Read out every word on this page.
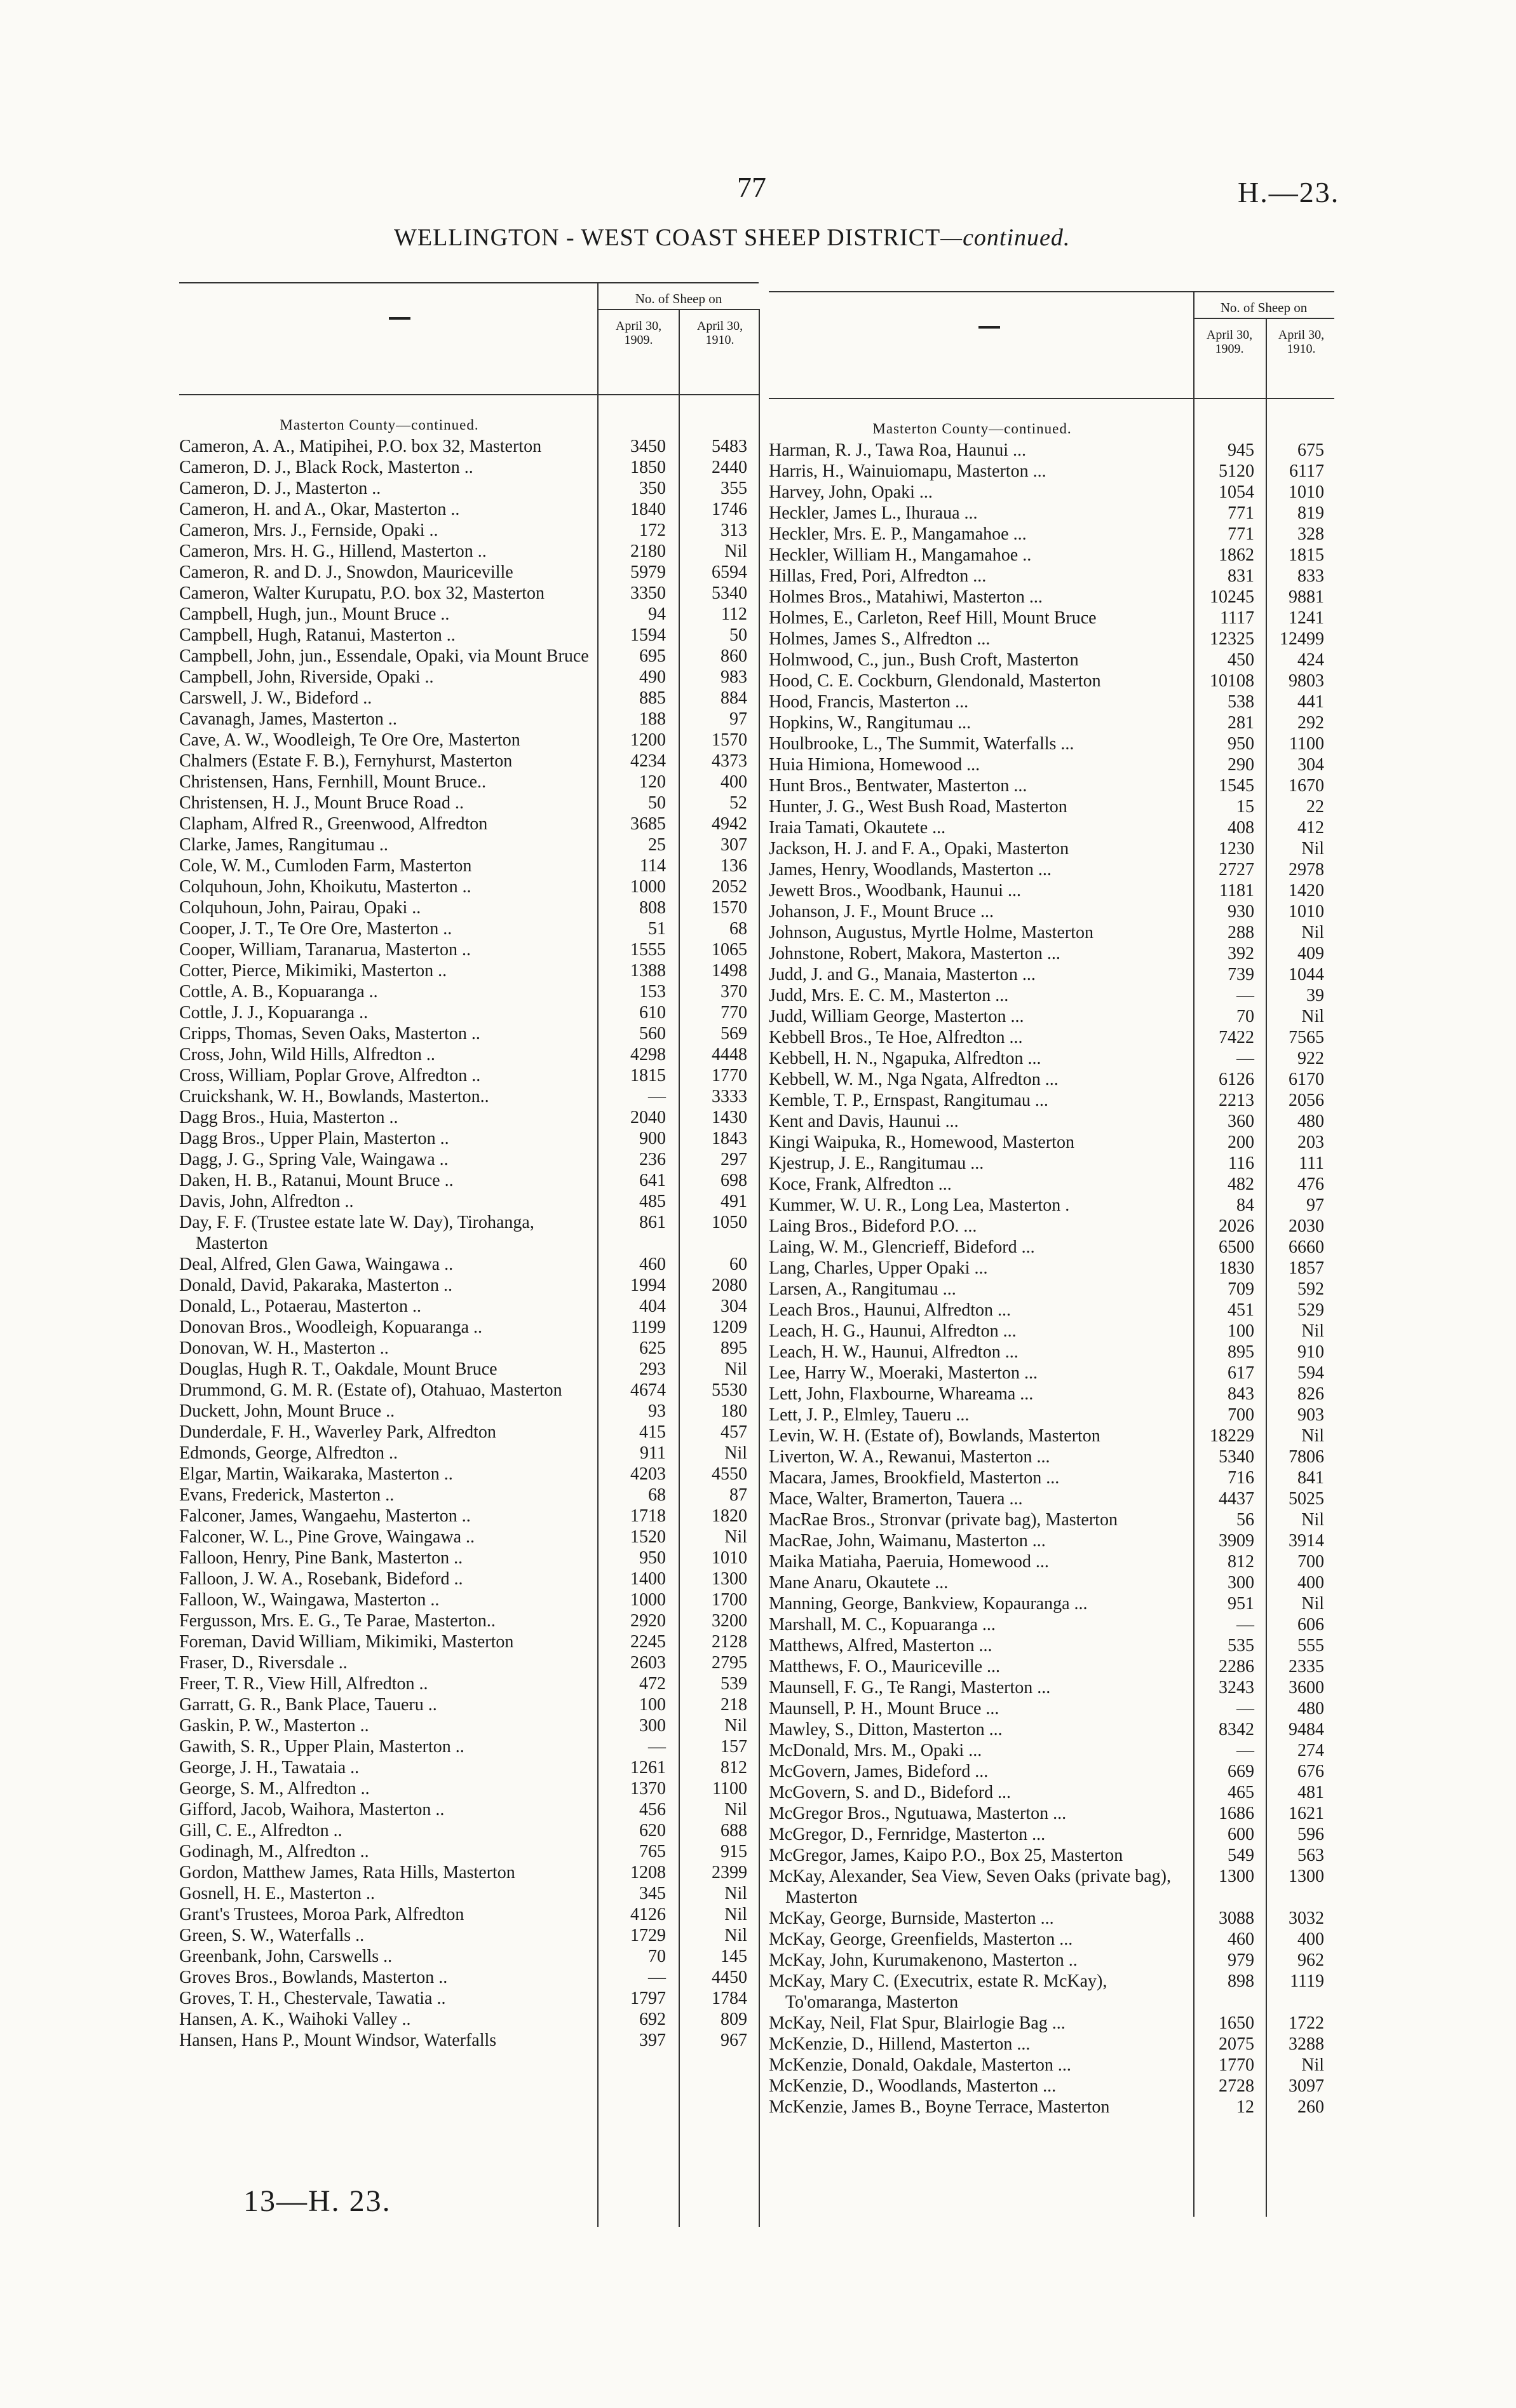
77	H.—23.
WELLINGTON - WEST COAST SHEEP DISTRICT—continued.
No. of Sheep on
April 30, 1909.
April 30, 1910.
Masterton County—continued.
Cameron, A. A., Matipihei, P.O. box 32, Masterton	3450	5483
Cameron, D. J., Black Rock, Masterton ..	1850	2440
Cameron, D. J., Masterton ..	350	355
Cameron, H. and A., Okar, Masterton ..	1840	1746
Cameron, Mrs. J., Fernside, Opaki ..	172	313
Cameron, Mrs. H. G., Hillend, Masterton ..	2180	Nil
Cameron, R. and D. J., Snowdon, Mauriceville	5979	6594
Cameron, Walter Kurupatu, P.O. box 32, Masterton	3350	5340
Campbell, Hugh, jun., Mount Bruce ..	94	112
Campbell, Hugh, Ratanui, Masterton ..	1594	50
Campbell, John, jun., Essendale, Opaki, via Mount Bruce	695	860
Campbell, John, Riverside, Opaki ..	490	983
Carswell, J. W., Bideford ..	885	884
Cavanagh, James, Masterton ..	188	97
Cave, A. W., Woodleigh, Te Ore Ore, Masterton	1200	1570
Chalmers (Estate F. B.), Fernyhurst, Masterton	4234	4373
Christensen, Hans, Fernhill, Mount Bruce..	120	400
Christensen, H. J., Mount Bruce Road ..	50	52
Clapham, Alfred R., Greenwood, Alfredton	3685	4942
Clarke, James, Rangitumau ..	25	307
Cole, W. M., Cumloden Farm, Masterton	114	136
Colquhoun, John, Khoikutu, Masterton ..	1000	2052
Colquhoun, John, Pairau, Opaki ..	808	1570
Cooper, J. T., Te Ore Ore, Masterton ..	51	68
Cooper, William, Taranarua, Masterton ..	1555	1065
Cotter, Pierce, Mikimiki, Masterton ..	1388	1498
Cottle, A. B., Kopuaranga ..	153	370
Cottle, J. J., Kopuaranga ..	610	770
Cripps, Thomas, Seven Oaks, Masterton ..	560	569
Cross, John, Wild Hills, Alfredton ..	4298	4448
Cross, William, Poplar Grove, Alfredton ..	1815	1770
Cruickshank, W. H., Bowlands, Masterton..	—	3333
Dagg Bros., Huia, Masterton ..	2040	1430
Dagg Bros., Upper Plain, Masterton ..	900	1843
Dagg, J. G., Spring Vale, Waingawa ..	236	297
Daken, H. B., Ratanui, Mount Bruce ..	641	698
Davis, John, Alfredton ..	485	491
Day, F. F. (Trustee estate late W. Day), Tirohanga, Masterton
861	1050
Deal, Alfred, Glen Gawa, Waingawa ..	460	60
Donald, David, Pakaraka, Masterton ..	1994	2080
Donald, L., Potaerau, Masterton ..	404	304
Donovan Bros., Woodleigh, Kopuaranga ..	1199	1209
Donovan, W. H., Masterton ..	625	895
Douglas, Hugh R. T., Oakdale, Mount Bruce	293	Nil
Drummond, G. M. R. (Estate of), Otahuao, Masterton	4674	5530
Duckett, John, Mount Bruce ..	93	180
Dunderdale, F. H., Waverley Park, Alfredton	415	457
Edmonds, George, Alfredton ..	911	Nil
Elgar, Martin, Waikaraka, Masterton ..	4203	4550
Evans, Frederick, Masterton ..	68	87
Falconer, James, Wangaehu, Masterton ..	1718	1820
Falconer, W. L., Pine Grove, Waingawa ..	1520	Nil
Falloon, Henry, Pine Bank, Masterton ..	950	1010
Falloon, J. W. A., Rosebank, Bideford ..	1400	1300
Falloon, W., Waingawa, Masterton ..	1000	1700
Fergusson, Mrs. E. G., Te Parae, Masterton..	2920	3200
Foreman, David William, Mikimiki, Masterton	2245	2128
Fraser, D., Riversdale ..	2603	2795
Freer, T. R., View Hill, Alfredton ..	472	539
Garratt, G. R., Bank Place, Taueru ..	100	218
Gaskin, P. W., Masterton ..	300	Nil
Gawith, S. R., Upper Plain, Masterton ..	—	157
George, J. H., Tawataia ..	1261	812
George, S. M., Alfredton ..	1370	1100
Gifford, Jacob, Waihora, Masterton ..	456	Nil
Gill, C. E., Alfredton ..	620	688
Godinagh, M., Alfredton ..	765	915
Gordon, Matthew James, Rata Hills, Masterton	1208	2399
Gosnell, H. E., Masterton ..	345	Nil
Grant's Trustees, Moroa Park, Alfredton	4126	Nil
Green, S. W., Waterfalls ..	1729	Nil
Greenbank, John, Carswells ..	70	145
Groves Bros., Bowlands, Masterton ..	—	4450
Groves, T. H., Chestervale, Tawatia ..	1797	1784
Hansen, A. K., Waihoki Valley ..	692	809
Hansen, Hans P., Mount Windsor, Waterfalls	397	967
No. of Sheep on
April 30, 1909.
April 30, 1910.
Masterton County—continued.
Harman, R. J., Tawa Roa, Haunui ...	945 675
Harris, H., Wainuiomapu, Masterton ...	5120 6117
Harvey, John, Opaki ...	1054 1010
Heckler, James L., Ihuraua ...	771 819
Heckler, Mrs. E. P., Mangamahoe ...	771 328
Heckler, William H., Mangamahoe ..	1862 1815
Hillas, Fred, Pori, Alfredton ...	831 833
Holmes Bros., Matahiwi, Masterton ...	10245 9881
Holmes, E., Carleton, Reef Hill, Mount Bruce	1117 1241
Holmes, James S., Alfredton ...	12325 12499
Holmwood, C., jun., Bush Croft, Masterton	450 424
Hood, C. E. Cockburn, Glendonald, Masterton	10108 9803
Hood, Francis, Masterton ...	538 441
Hopkins, W., Rangitumau ...	281 292
Houlbrooke, L., The Summit, Waterfalls ...	950 1100
Huia Himiona, Homewood ...	290 304
Hunt Bros., Bentwater, Masterton ...	1545 1670
Hunter, J. G., West Bush Road, Masterton	15	22
Iraia Tamati, Okautete ...	408 412
Jackson, H. J. and F. A., Opaki, Masterton	1230	Nil
James, Henry, Woodlands, Masterton ...	2727 2978
Jewett Bros., Woodbank, Haunui ...	1181 1420
Johanson, J. F., Mount Bruce ...	930 1010
Johnson, Augustus, Myrtle Holme, Masterton	288	Nil
Johnstone, Robert, Makora, Masterton ...	392 409
Judd, J. and G., Manaia, Masterton ...	739 1044
Judd, Mrs. E. C. M., Masterton ...	—	39
Judd, William George, Masterton ...	70	Nil
Kebbell Bros., Te Hoe, Alfredton ...	7422 7565
Kebbell, H. N., Ngapuka, Alfredton ...	— 922
Kebbell, W. M., Nga Ngata, Alfredton ...	6126 6170
Kemble, T. P., Ernspast, Rangitumau ...	2213 2056
Kent and Davis, Haunui ...	360 480
Kingi Waipuka, R., Homewood, Masterton	200 203
Kjestrup, J. E., Rangitumau ...	116	111
Koce, Frank, Alfredton ...	482 476
Kummer, W. U. R., Long Lea, Masterton .	84	97
Laing Bros., Bideford P.O. ...	2026 2030
Laing, W. M., Glencrieff, Bideford ...	6500 6660
Lang, Charles, Upper Opaki ...	1830 1857
Larsen, A., Rangitumau ...	709 592
Leach Bros., Haunui, Alfredton ...	451 529
Leach, H. G., Haunui, Alfredton ...	100	Nil
Leach, H. W., Haunui, Alfredton ...	895 910
Lee, Harry W., Moeraki, Masterton ...	617 594
Lett, John, Flaxbourne, Whareama ...	843 826
Lett, J. P., Elmley, Taueru ...	700 903
Levin, W. H. (Estate of), Bowlands, Masterton	18229	Nil
Liverton, W. A., Rewanui, Masterton ...	5340 7806
Macara, James, Brookfield, Masterton ...	716 841
Mace, Walter, Bramerton, Tauera ...	4437 5025
MacRae Bros., Stronvar (private bag), Masterton	56	Nil
MacRae, John, Waimanu, Masterton ...	3909 3914
Maika Matiaha, Paeruia, Homewood ...	812 700
Mane Anaru, Okautete ...	300 400
Manning, George, Bankview, Kopauranga ...	951	Nil
Marshall, M. C., Kopuaranga ...	— 606
Matthews, Alfred, Masterton ...	535 555
Matthews, F. O., Mauriceville ...	2286 2335
Maunsell, F. G., Te Rangi, Masterton ...	3243 3600
Maunsell, P. H., Mount Bruce ...	— 480
Mawley, S., Ditton, Masterton ...	8342 9484
McDonald, Mrs. M., Opaki ...	— 274
McGovern, James, Bideford ...	669 676
McGovern, S. and D., Bideford ...	465 481
McGregor Bros., Ngutuawa, Masterton ...	1686 1621
McGregor, D., Fernridge, Masterton ...	600 596
McGregor, James, Kaipo P.O., Box 25, Masterton	549 563
McKay, Alexander, Sea View, Seven Oaks (private bag), Masterton
1300 1300
McKay, George, Burnside, Masterton ...	3088 3032
McKay, George, Greenfields, Masterton ...	460 400
McKay, John, Kurumakenono, Masterton ..	979 962
McKay, Mary C. (Executrix, estate R. McKay), To'omaranga, Masterton
898 1119
McKay, Neil, Flat Spur, Blairlogie Bag ...	1650 1722
McKenzie, D., Hillend, Masterton ...	2075 3288
McKenzie, Donald, Oakdale, Masterton ...	1770	Nil
McKenzie, D., Woodlands, Masterton ...	2728 3097
McKenzie, James B., Boyne Terrace, Masterton	12 260
13—H. 23.
